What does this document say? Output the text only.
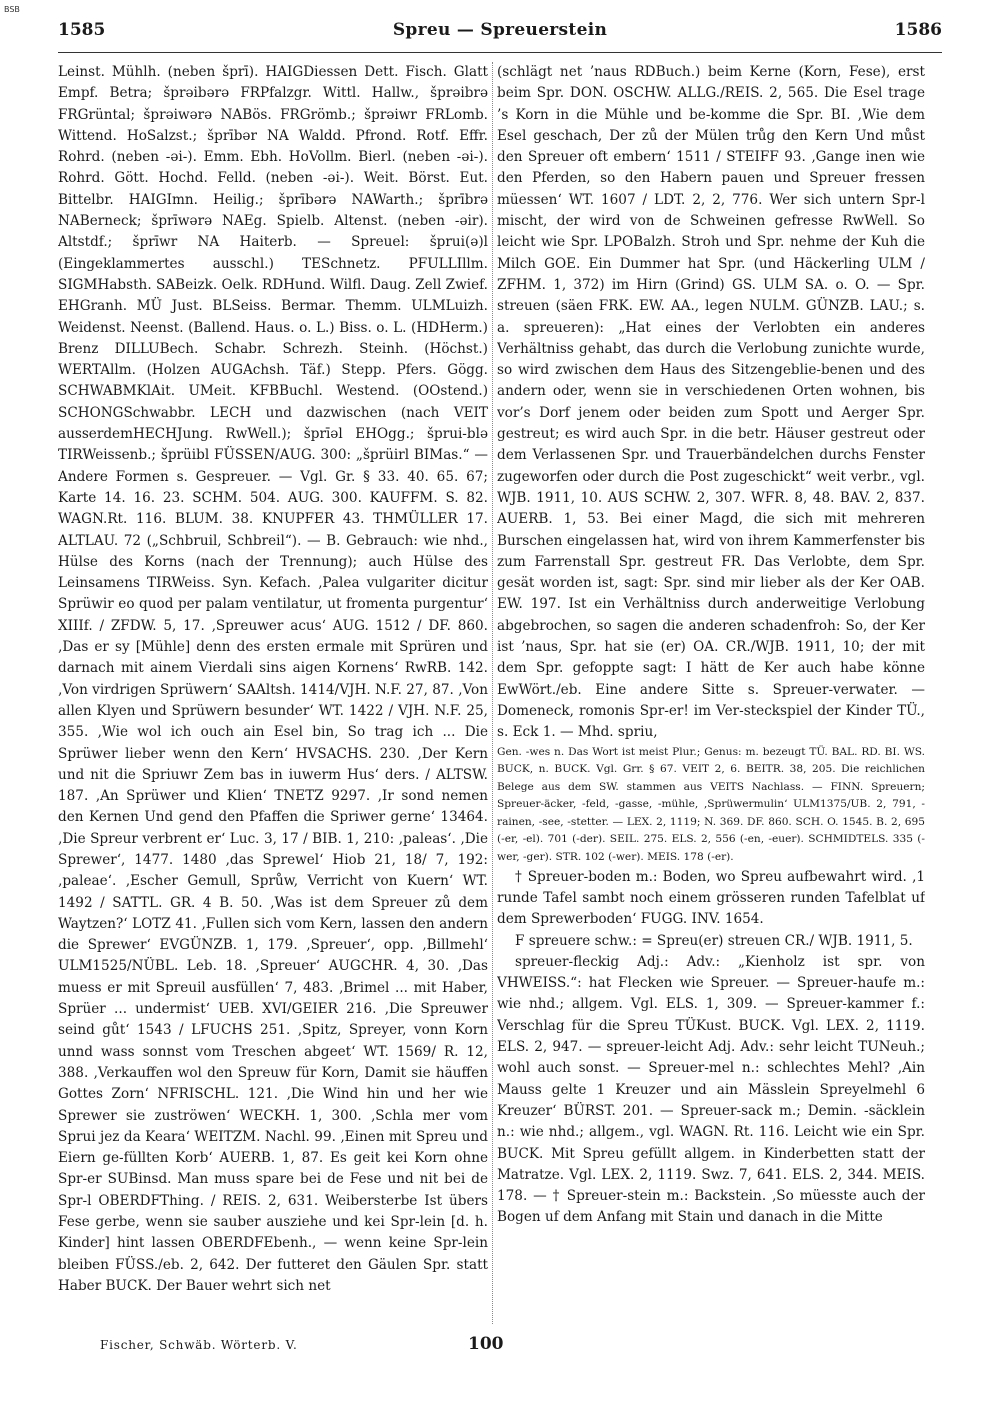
BSB
1585	Spreu — Spreuerstein	1586

Leinst. Mühlh. (neben šprī). HAIGDiessen Dett. Fisch. Glatt Empf. Betra; šprəibərə FRPfalzgr. Wittl. Hallw., šprəibrə FRGrüntal; šprəiwərə NABös. FRGrömb.; šprəiwr FRLomb. Wittend. HoSalzst.; šprībər NA Waldd. Pfrond. Rotf. Effr. Rohrd. (neben -əi-). Emm. Ebh. HoVollm. Bierl. (neben -əi-). Rohrd. Gött. Hochd. Felld. (neben -əi-). Weit. Börst. Eut. Bittelbr. HAIGImn. Heilig.; šprībərə NAWarth.; šprībrə NABerneck; šprīwərə NAEg. Spielb. Altenst. (neben -əir). Altstdf.; šprīwr NA Haiterb. — Spreuel: šprui(ə)l (Eingeklammertes ausschl.) TESchnetz. PFULLIllm. SIGMHabsth. SABeizk. Oelk. RDHund. Wilfl. Daug. Zell Zwief. EHGranh. MÜ Just. BLSeiss. Bermar. Themm. ULMLuizh. Weidenst. Neenst. (Ballend. Haus. o. L.) Biss. o. L. (HDHerm.) Brenz DILLUBech. Schabr. Schrezh. Steinh. (Höchst.) WERTAllm. (Holzen AUGAchsh. Täf.) Stepp. Pfers. Gögg. SCHWABMKlAit. UMeit. KFBBuchl. Westend. (OOstend.) SCHONGSchwabbr. LECH und dazwischen (nach VEIT ausserdemHECHJung. RwWell.); šprīəl EHOgg.; šprui-blə TIRWeissenb.; šprüibl FÜSSEN/AUG. 300: „šprüirl BIMas.“ — Andere Formen s. Gespreuer. — Vgl. Gr. § 33. 40. 65. 67; Karte 14. 16. 23. SCHM. 504. AUG. 300. KAUFFM. S. 82. WAGN.Rt. 116. BLUM. 38. KNUPFER 43. THMÜLLER 17. ALTLAU. 72 („Schbruil, Schbreil“). — B. Gebrauch: wie nhd., Hülse des Korns (nach der Trennung); auch Hülse des Leinsamens TIRWeiss. Syn. Kefach. ‚Palea vulgariter dicitur Sprüwir eo quod per palam ventilatur, ut fromenta purgentur‘ XIIIf. / ZFDW. 5, 17. ‚Spreuwer acus‘ AUG. 1512 / DF. 860. ‚Das er sy [Mühle] denn des ersten ermale mit Sprüren und darnach mit ainem Vierdali sins aigen Kornens‘ RwRB. 142. ‚Von virdrigen Sprüwern‘ SAAltsh. 1414/VJH. N.F. 27, 87. ‚Von allen Klyen und Sprüwern besunder‘ WT. 1422 / VJH. N.F. 25, 355. ‚Wie wol ich ouch ain Esel bin, So trag ich ... Die Sprüwer lieber wenn den Kern‘ HVSACHS. 230. ‚Der Kern und nit die Spriuwr Zem bas in iuwerm Hus‘ ders. / ALTSW. 187. ‚An Sprüwer und Klien‘ TNETZ 9297. ‚Ir sond nemen den Kernen Und gend den Pfaffen die Spriwer gerne‘ 13464. ‚Die Spreur verbrent er‘ Luc. 3, 17 / BIB. 1, 210: ‚paleas‘. ‚Die Sprewer‘, 1477. 1480 ‚das Sprewel‘ Hiob 21, 18/ 7, 192: ‚paleae‘. ‚Escher Gemull, Sprůw, Verricht von Kuern‘ WT. 1492 / SATTL. GR. 4 B. 50. ‚Was ist dem Spreuer zů dem Waytzen?‘ LOTZ 41. ‚Fullen sich vom Kern, lassen den andern die Sprewer‘ EVGÜNZB. 1, 179. ‚Spreuer‘, opp. ‚Billmehl‘ ULM1525/NÜBL. Leb. 18. ‚Spreuer‘ AUGCHR. 4, 30. ‚Das muess er mit Spreuil ausfüllen‘ 7, 483. ‚Brimel ... mit Haber, Sprüer ... undermist‘ UEB. XVI/GEIER 216. ‚Die Spreuwer seind gůt‘ 1543 / LFUCHS 251. ‚Spitz, Spreyer, vonn Korn unnd wass sonnst vom Treschen abgeet‘ WT. 1569/ R. 12, 388. ‚Verkauffen wol den Spreuw für Korn, Damit sie häuffen Gottes Zorn‘ NFRISCHL. 121. ‚Die Wind hin und her wie Sprewer sie zuströwen‘ WECKH. 1, 300. ‚Schla mer vom Sprui jez da Keara‘ WEITZM. Nachl. 99. ‚Einen mit Spreu und Eiern ge-füllten Korb‘ AUERB. 1, 87. Es geit kei Korn ohne Spr-er SUBinsd. Man muss spare bei de Fese und nit bei de Spr-l OBERDFThing. / REIS. 2, 631. Weibersterbe Ist übers Fese gerbe, wenn sie sauber ausziehe und kei Spr-lein [d. h. Kinder] hint lassen OBERDFEbenh., — wenn keine Spr-lein bleiben FÜSS./eb. 2, 642. Der futteret den Gäulen Spr. statt Haber BUCK. Der Bauer wehrt sich net

(schlägt net ’naus RDBuch.) beim Kerne (Korn, Fese), erst beim Spr. DON. OSCHW. ALLG./REIS. 2, 565. Die Esel trage ’s Korn in die Mühle und be-komme die Spr. BI. ‚Wie dem Esel geschach, Der zů der Mülen trůg den Kern Und můst den Spreuer oft embern‘ 1511 / STEIFF 93. ‚Gange inen wie den Pferden, so den Habern pauen und Spreuer fressen müessen‘ WT. 1607 / LDT. 2, 2, 776. Wer sich untern Spr-l mischt, der wird von de Schweinen gefresse RwWell. So leicht wie Spr. LPOBalzh. Stroh und Spr. nehme der Kuh die Milch GOE. Ein Dummer hat Spr. (und Häckerling ULM / ZFHM. 1, 372) im Hirn (Grind) GS. ULM SA. o. O. — Spr. streuen (säen FRK. EW. AA., legen NULM. GÜNZB. LAU.; s. a. spreueren): „Hat eines der Verlobten ein anderes Verhältniss gehabt, das durch die Verlobung zunichte wurde, so wird zwischen dem Haus des Sitzengeblie-benen und des andern oder, wenn sie in verschiedenen Orten wohnen, bis vor’s Dorf jenem oder beiden zum Spott und Aerger Spr. gestreut; es wird auch Spr. in die betr. Häuser gestreut oder dem Verlassenen Spr. und Trauerbändelchen durchs Fenster zugeworfen oder durch die Post zugeschickt“ weit verbr., vgl. WJB. 1911, 10. AUS SCHW. 2, 307. WFR. 8, 48. BAV. 2, 837. AUERB. 1, 53. Bei einer Magd, die sich mit mehreren Burschen eingelassen hat, wird von ihrem Kammerfenster bis zum Farrenstall Spr. gestreut FR. Das Verlobte, dem Spr. gesät worden ist, sagt: Spr. sind mir lieber als der Ker OAB. EW. 197. Ist ein Verhältniss durch anderweitige Verlobung abgebrochen, so sagen die anderen schadenfroh: So, der Ker ist ’naus, Spr. hat sie (er) OA. CR./WJB. 1911, 10; der mit dem Spr. gefoppte sagt: I hätt de Ker auch habe könne EwWört./eb. Eine andere Sitte s. Spreuer-verwater. — Domeneck, romonis Spr-er! im Ver-steckspiel der Kinder TÜ., s. Eck 1. — Mhd. spriu,

Gen. -wes n. Das Wort ist meist Plur.; Genus: m. bezeugt TÜ. BAL. RD. BI. WS. BUCK, n. BUCK. Vgl. Grr. § 67. VEIT 2, 6. BEITR. 38, 205. Die reichlichen Belege aus dem SW. stammen aus VEITS Nachlass. — FINN. Spreuern; Spreuer-äcker, -feld, -gasse, -mühle, ‚Sprüwermulin‘ ULM1375/UB. 2, 791, -rainen, -see, -stetter. — LEX. 2, 1119; N. 369. DF. 860. SCH. O. 1545. B. 2, 695 (-er, -el). 701 (-der). SEIL. 275. ELS. 2, 556 (-en, -euer). SCHMIDTELS. 335 (-wer, -ger). STR. 102 (-wer). MEIS. 178 (-er).

† Spreuer-boden m.: Boden, wo Spreu aufbewahrt wird. ‚1 runde Tafel sambt noch einem grösseren runden Tafelblat uf dem Sprewerboden‘ FUGG. INV. 1654.

F spreuere schw.: = Spreu(er) streuen CR./ WJB. 1911, 5.

spreuer-fleckig Adj.: Adv.: „Kienholz ist spr. von VHWEISS.“: hat Flecken wie Spreuer. — Spreuer-haufe m.: wie nhd.; allgem. Vgl. ELS. 1, 309. — Spreuer-kammer f.: Verschlag für die Spreu TÜKust. BUCK. Vgl. LEX. 2, 1119. ELS. 2, 947. — spreuer-leicht Adj. Adv.: sehr leicht TUNeuh.; wohl auch sonst. — Spreuer-mel n.: schlechtes Mehl? ‚Ain Mauss gelte 1 Kreuzer und ain Mässlein Spreyelmehl 6 Kreuzer‘ BÜRST. 201. — Spreuer-sack m.; Demin. -säcklein n.: wie nhd.; allgem., vgl. WAGN. Rt. 116. Leicht wie ein Spr. BUCK. Mit Spreu gefüllt allgem. in Kinderbetten statt der Matratze. Vgl. LEX. 2, 1119. Swz. 7, 641. ELS. 2, 344. MEIS. 178. — † Spreuer-stein m.: Backstein. ‚So müesste auch der Bogen uf dem Anfang mit Stain und danach in die Mitte

Fischer, Schwäb. Wörterb. V.	100
